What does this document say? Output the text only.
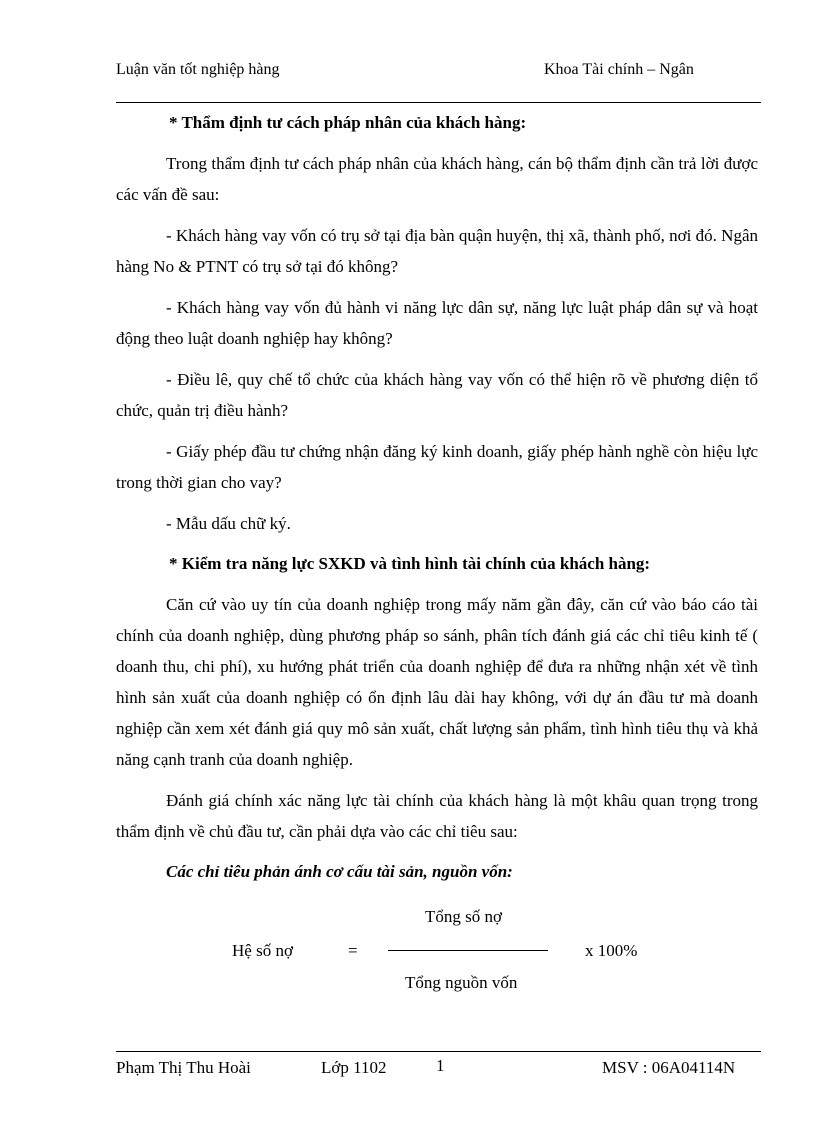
Luận văn tốt nghiệp hàng	Khoa Tài chính – Ngân

* Thẩm định tư cách pháp nhân của khách hàng:

Trong thẩm định tư cách pháp nhân của khách hàng, cán bộ thẩm định cần trả lời được các vấn đề sau:

- Khách hàng vay vốn có trụ sở tại địa bàn quận huyện, thị xã, thành phố, nơi đó. Ngân hàng No & PTNT có trụ sở tại đó không?

- Khách hàng vay vốn đủ hành vi năng lực dân sự, năng lực luật pháp dân sự và hoạt động theo luật doanh nghiệp hay không?

- Điều lê, quy chế tổ chức của khách hàng vay vốn có thể hiện rõ về phương diện tổ chức, quản trị điều hành?

- Giấy phép đầu tư chứng nhận đăng ký kinh doanh, giấy phép hành nghề còn hiệu lực trong thời gian cho vay?

- Mẫu dấu chữ ký.

* Kiểm tra năng lực SXKD và tình hình tài chính của khách hàng:

Căn cứ vào uy tín của doanh nghiệp trong mấy năm gần đây, căn cứ vào báo cáo tài chính của doanh nghiệp, dùng phương pháp so sánh, phân tích đánh giá các chỉ tiêu kinh tế ( doanh thu, chi phí), xu hướng phát triển của doanh nghiệp để đưa ra những nhận xét về tình hình sản xuất của doanh nghiệp có ổn định lâu dài hay không, với dự án đầu tư mà doanh nghiệp cần xem xét đánh giá quy mô sản xuất, chất lượng sản phẩm, tình hình tiêu thụ và khả năng cạnh tranh của doanh nghiệp.

Đánh giá chính xác năng lực tài chính của khách hàng là một khâu quan trọng trong thẩm định về chủ đầu tư, cần phải dựa vào các chỉ tiêu sau:

Các chỉ tiêu phản ánh cơ cấu tài sản, nguồn vốn:

Hệ số nợ	=
Tổng số nợ
Tổng nguồn vốn
x 100%
Phạm Thị Thu Hoài	Lớp 1102	1	MSV : 06A04114N
